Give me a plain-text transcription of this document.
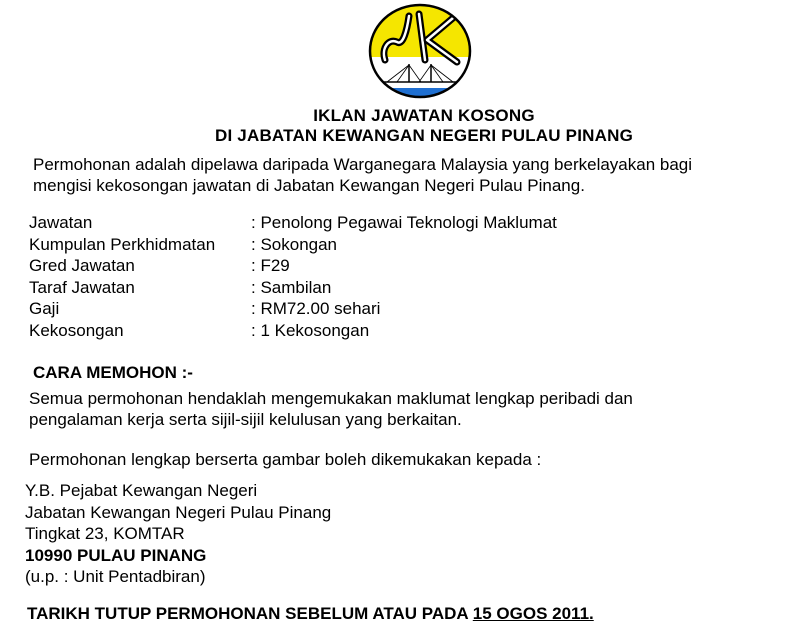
IKLAN JAWATAN KOSONG
DI JABATAN KEWANGAN NEGERI PULAU PINANG
Permohonan adalah dipelawa daripada Warganegara Malaysia yang berkelayakan bagi
mengisi kekosongan jawatan di Jabatan Kewangan Negeri Pulau Pinang.
Jawatan	: Penolong Pegawai Teknologi Maklumat
Kumpulan Perkhidmatan	: Sokongan
Gred Jawatan	: F29
Taraf Jawatan	: Sambilan
Gaji	: RM72.00 sehari
Kekosongan	: 1 Kekosongan
CARA MEMOHON :-
Semua permohonan hendaklah mengemukakan maklumat lengkap peribadi dan
pengalaman kerja serta sijil-sijil kelulusan yang berkaitan.
Permohonan lengkap berserta gambar boleh dikemukakan kepada :
Y.B. Pejabat Kewangan Negeri
Jabatan Kewangan Negeri Pulau Pinang
Tingkat 23, KOMTAR
10990 PULAU PINANG
(u.p. : Unit Pentadbiran)
TARIKH TUTUP PERMOHONAN SEBELUM ATAU PADA 15 OGOS 2011.
